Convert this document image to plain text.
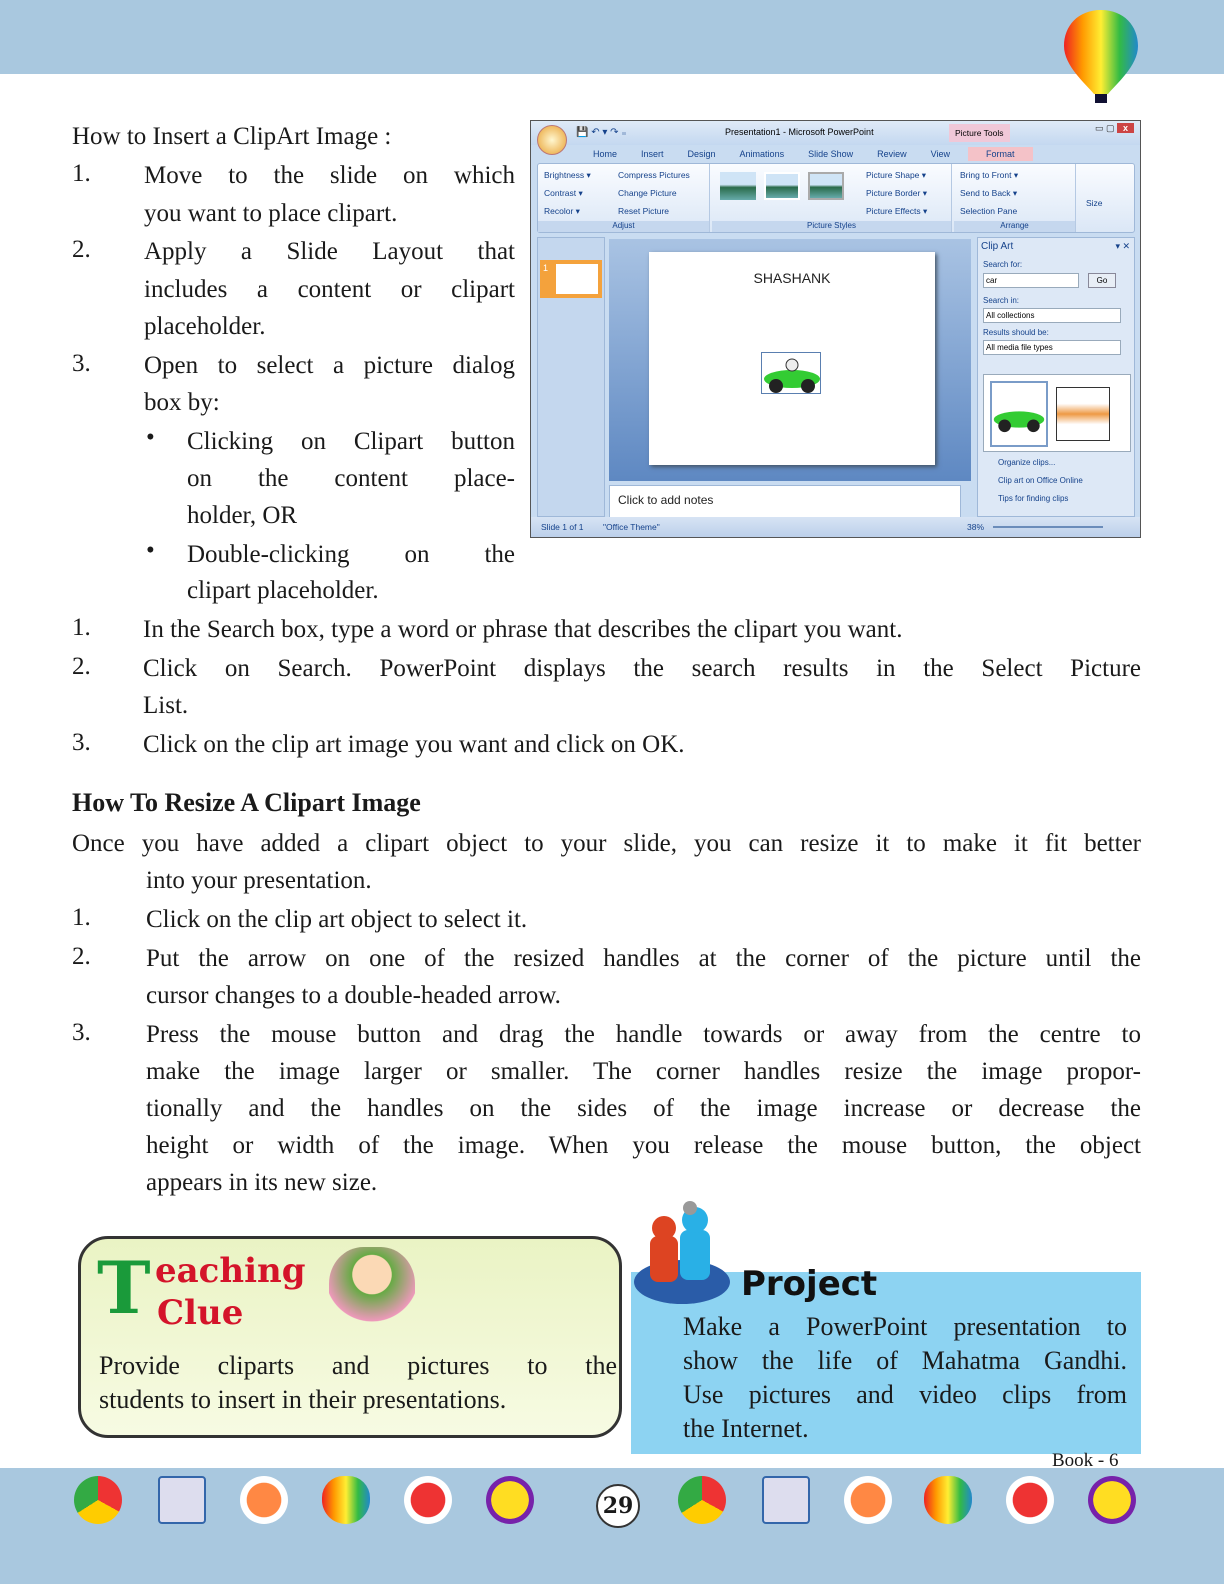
How to Insert a ClipArt Image :
1. Move to the slide on which
you want to place clipart.
2. Apply a Slide Layout that
includes a content or clipart
placeholder.
3. Open to select a picture dialog
box by:
• Clicking on Clipart button
on the content place-
holder, OR
• Double-clicking on the
clipart placeholder.
💾 ↶ ▾ ↷ ₌	Presentation1 - Microsoft PowerPoint	Picture Tools	▭ ▢ x
Home	Insert	Design	Animations	Slide Show	Review	View	Format
Brightness ▾
Contrast ▾
Recolor ▾
Compress Pictures
Change Picture
Reset Picture
Adjust
Picture Shape ▾
Picture Border ▾
Picture Effects ▾
Picture Styles
Bring to Front ▾
Send to Back ▾
Selection Pane
Arrange
Size
1
SHASHANK
Click to add notes
Clip Art	▾ ✕
Search for:
car	Go
Search in:
All collections
Results should be:
All media file types
Organize clips...
Clip art on Office Online
Tips for finding clips
Slide 1 of 1 "Office Theme"	38%
1. In the Search box, type a word or phrase that describes the clipart you want.
2. Click on Search. PowerPoint displays the search results in the Select Picture
List.
3. Click on the clip art image you want and click on OK.
How To Resize A Clipart Image
Once you have added a clipart object to your slide, you can resize it to make it fit better
into your presentation.
1. Click on the clip art object to select it.
2. Put the arrow on one of the resized handles at the corner of the picture until the
cursor changes to a double-headed arrow.
3. Press the mouse button and drag the handle towards or away from the centre to
make the image larger or smaller. The corner handles resize the image propor-
tionally and the handles on the sides of the image increase or decrease the
height or width of the image. When you release the mouse button, the object
appears in its new size.
T eaching
Clue
Provide cliparts and pictures to the
students to insert in their presentations.
Project
Make a PowerPoint presentation to
show the life of Mahatma Gandhi.
Use pictures and video clips from
the Internet.
Book - 6
29
